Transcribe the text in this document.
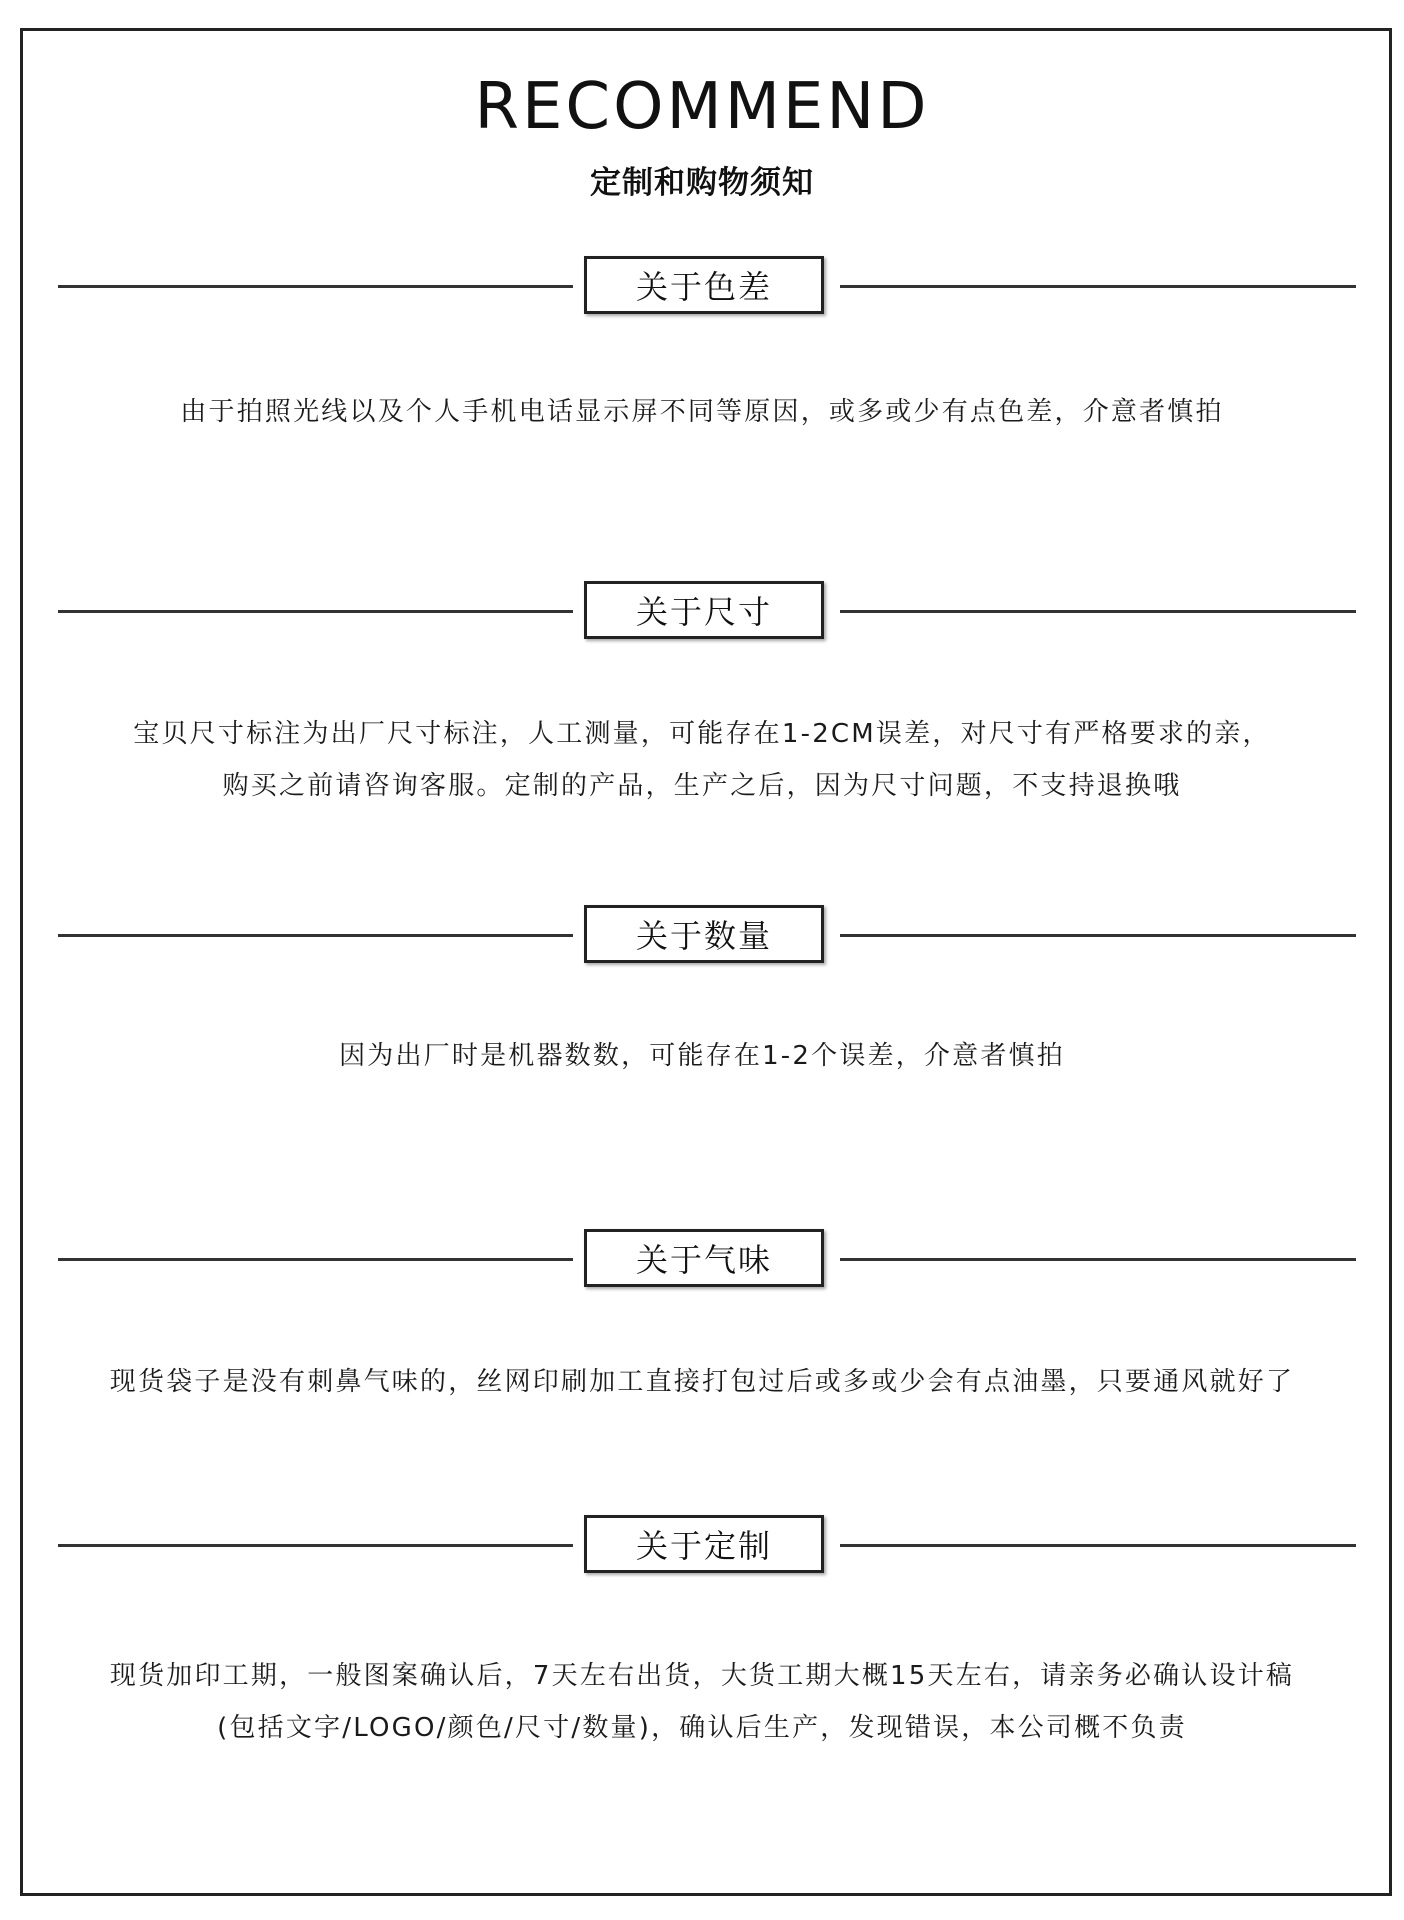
RECOMMEND
定制和购物须知
关于色差

由于拍照光线以及个人手机电话显示屏不同等原因，或多或少有点色差，介意者慎拍

关于尺寸

宝贝尺寸标注为出厂尺寸标注，人工测量，可能存在1-2CM误差，对尺寸有严格要求的亲，

购买之前请咨询客服。定制的产品，生产之后，因为尺寸问题，不支持退换哦

关于数量

因为出厂时是机器数数，可能存在1-2个误差，介意者慎拍

关于气味

现货袋子是没有刺鼻气味的，丝网印刷加工直接打包过后或多或少会有点油墨，只要通风就好了

关于定制

现货加印工期，一般图案确认后，7天左右出货，大货工期大概15天左右，请亲务必确认设计稿

(包括文字/LOGO/颜色/尺寸/数量)，确认后生产，发现错误，本公司概不负责
